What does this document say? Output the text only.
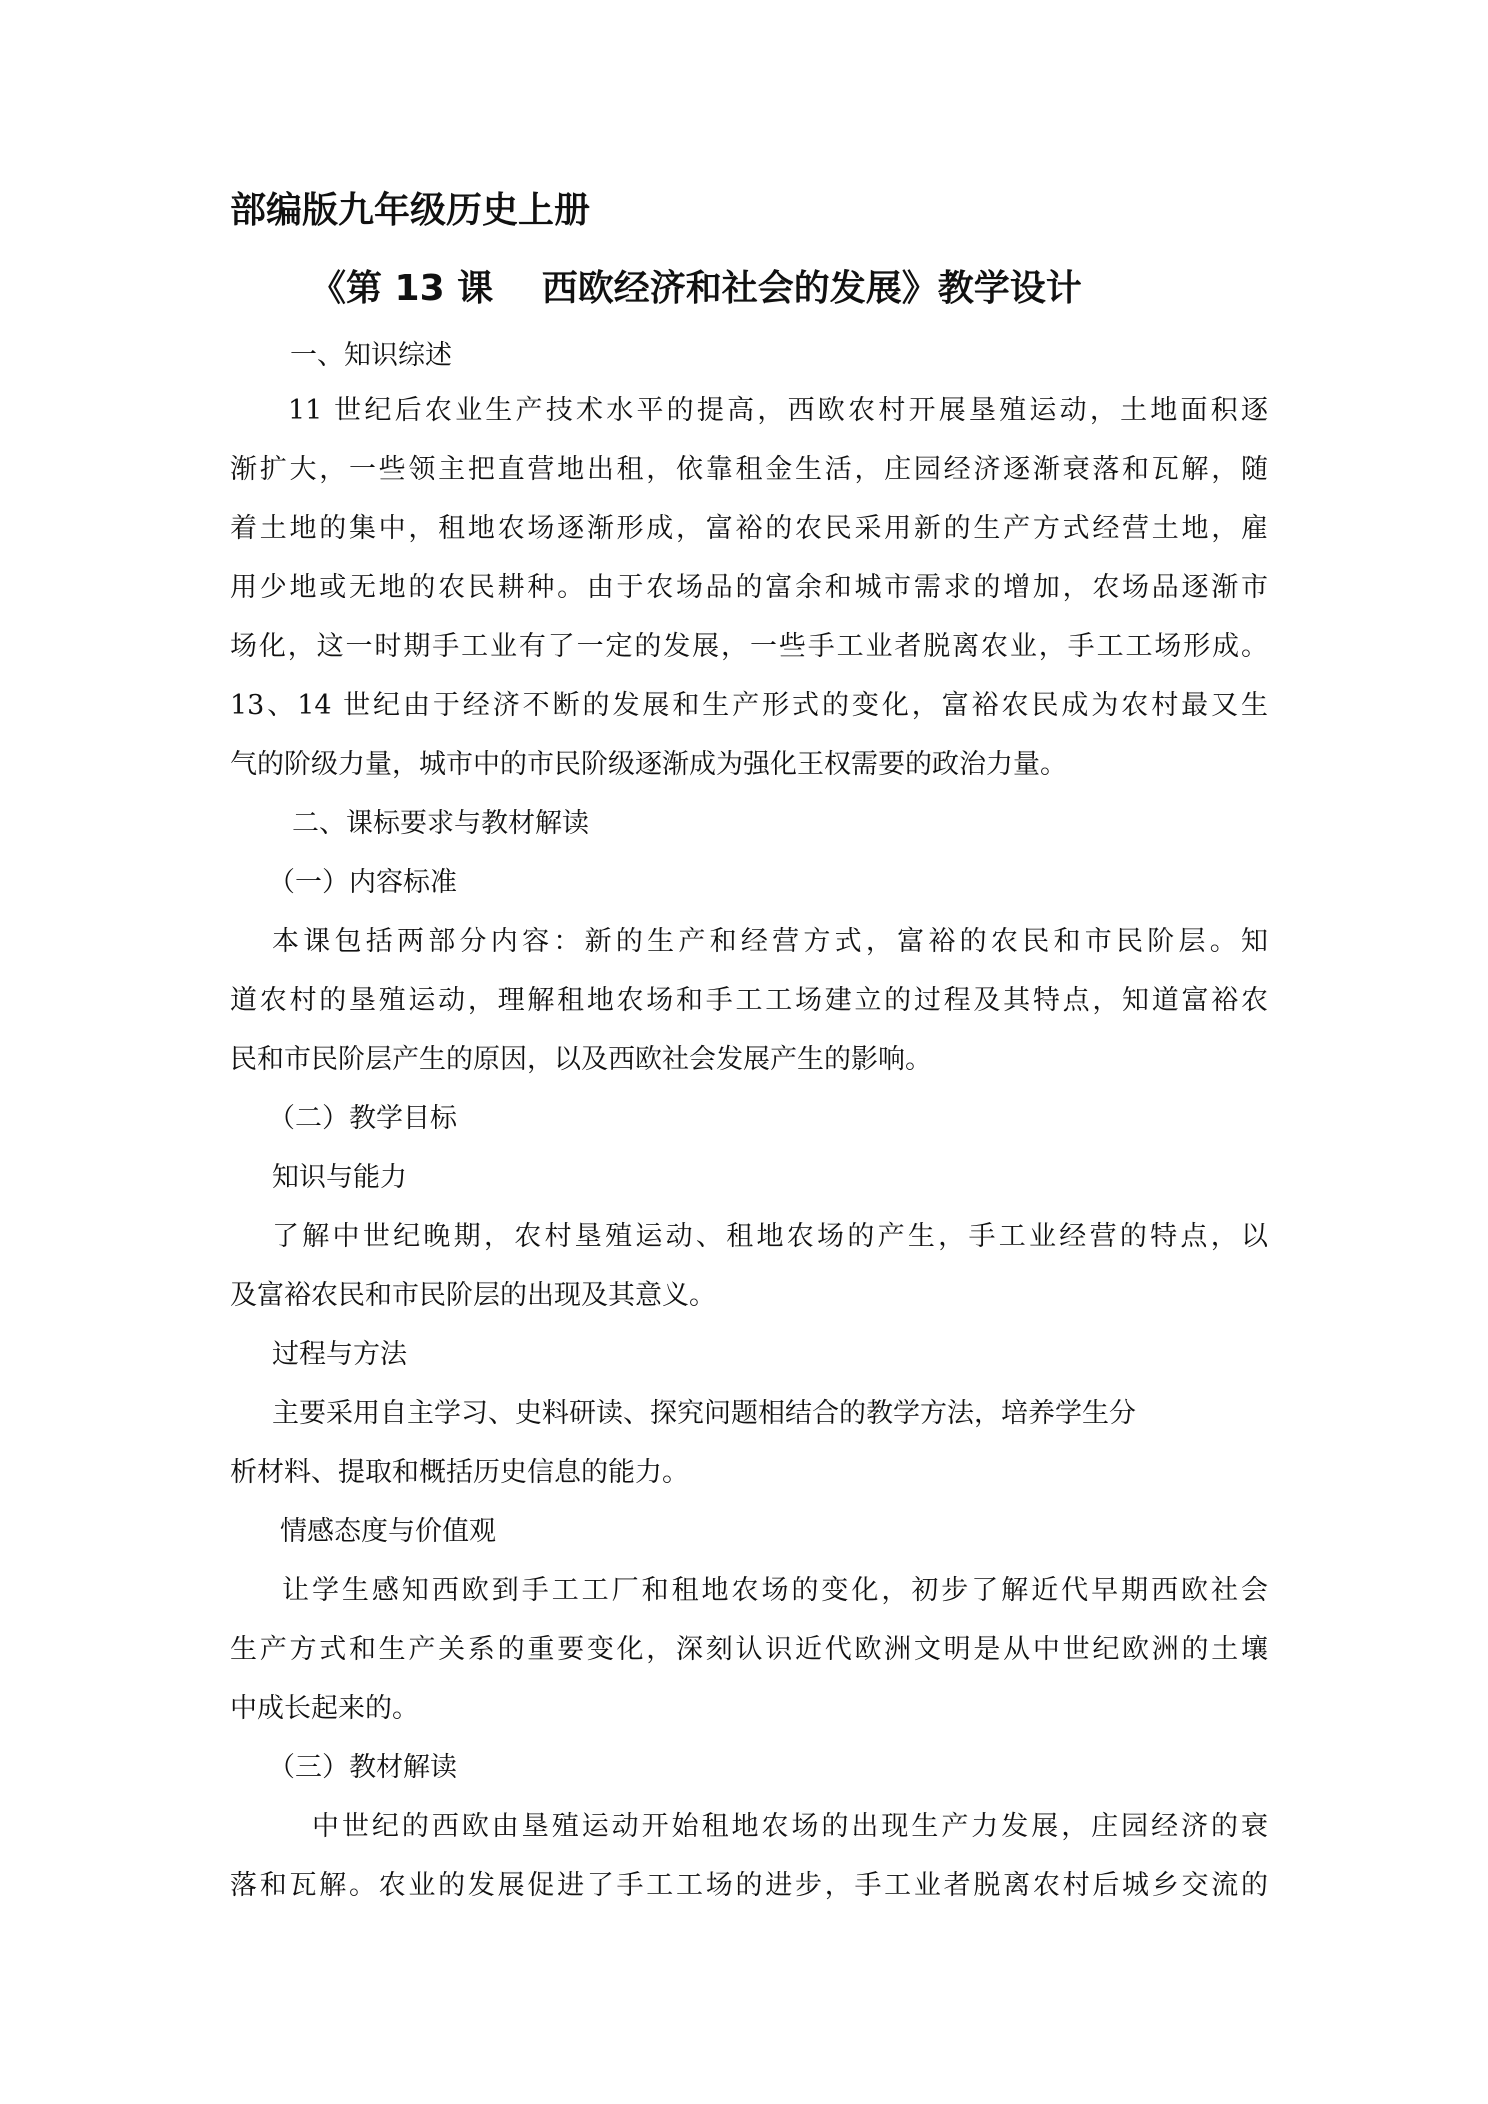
部编版九年级历史上册
《第 13 课　 西欧经济和社会的发展》教学设计
一、知识综述
11 世纪后农业生产技术水平的提高，西欧农村开展垦殖运动，土地面积逐
渐扩大，一些领主把直营地出租，依靠租金生活，庄园经济逐渐衰落和瓦解，随
着土地的集中，租地农场逐渐形成，富裕的农民采用新的生产方式经营土地，雇
用少地或无地的农民耕种。由于农场品的富余和城市需求的增加，农场品逐渐市
场化，这一时期手工业有了一定的发展，一些手工业者脱离农业，手工工场形成。
13、14 世纪由于经济不断的发展和生产形式的变化，富裕农民成为农村最又生
气的阶级力量，城市中的市民阶级逐渐成为强化王权需要的政治力量。
二、课标要求与教材解读
（一）内容标准
本课包括两部分内容：新的生产和经营方式，富裕的农民和市民阶层。知
道农村的垦殖运动，理解租地农场和手工工场建立的过程及其特点，知道富裕农
民和市民阶层产生的原因，以及西欧社会发展产生的影响。
（二）教学目标
知识与能力
了解中世纪晚期，农村垦殖运动、租地农场的产生，手工业经营的特点，以
及富裕农民和市民阶层的出现及其意义。
过程与方法
主要采用自主学习、史料研读、探究问题相结合的教学方法，培养学生分
析材料、提取和概括历史信息的能力。
情感态度与价值观
让学生感知西欧到手工工厂和租地农场的变化，初步了解近代早期西欧社会
生产方式和生产关系的重要变化，深刻认识近代欧洲文明是从中世纪欧洲的土壤
中成长起来的。
（三）教材解读
中世纪的西欧由垦殖运动开始租地农场的出现生产力发展，庄园经济的衰
落和瓦解。农业的发展促进了手工工场的进步，手工业者脱离农村后城乡交流的
